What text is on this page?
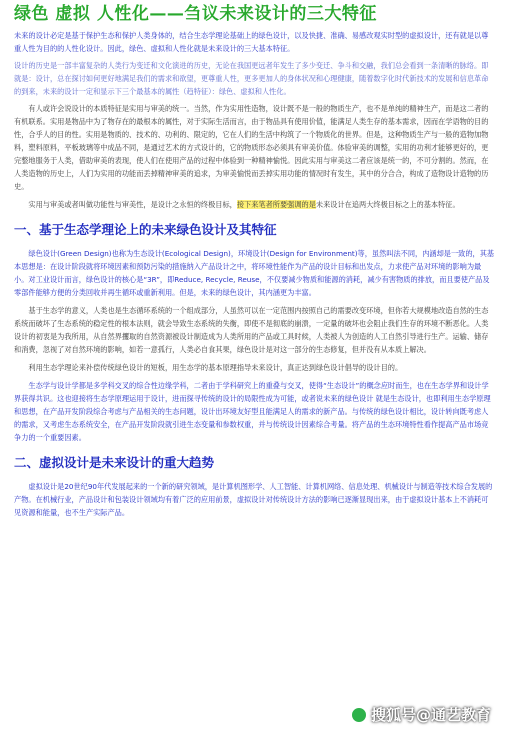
绿色 虚拟 人性化——刍议未来设计的三大特征

未来的设计必定是基于保护生态和保护人类身体的，结合生态学理论基础上的绿色设计，以及快捷、准确、易感改观实时型的虚拟设计，还有就是以尊重人性为目的的人性化设计。因此，绿色、虚拟和人性化就是未来设计的三大基本特征。

设计的历史是一部丰富复杂的人类行为变迁和文化演进的历史，无论在我国更远者年发生了多少变迁、争斗和交融，我们总会看到一条清晰的脉络。即就是：设计，总在探讨如何更好地满足我们的需求和欲望，更尊重人性，更多更加人的身体状况和心理健康，随着数字化时代新技术的发展和信息革命的到来，未来的设计一定和显示下三个最基本的属性（趋特征）：绿色、虚拟和人性化。

有人或许会说设计的本质特征是实用与审美的统一。当然，作为实用性造物，设计既不是一般的物质生产，也不是单纯的精神生产，而是这二者的有机联系。实用是物品中为了物存在的最根本的属性，对于实际生活而言，由于物品具有使用价值，能满足人类生存的基本需求，因而在学语物的目的性，合乎人的目的性。实用是物质的、技术的、功利的、限定的，它在人们的生活中构筑了一个物质化的世界。但是，这种物质生产与一般的造物加物料，塑料原料，平板玻璃等中成品不同，是通过艺术的方式设计的，它的物质形态必须具有审美价值。体验审美的调整，实用的功利才能够更好的，更完整地服务于人类，借助审美的表现，使人们在使用产品的过程中体验到一种精神愉悦。因此实用与审美这二者应该是统一的，不可分割的。然而，在人类造物的历史上，人们为实用的功能而丢掉精神审美的追求，为审美愉悦而丢掉实用功能的情况时有发生，其中的分合合，构成了造物设计造物的历史。

实用与审美或者叫做功能性与审美性，是设计之永恒的终极目标，接下来笔者所要强调的是未来设计在追两大终极目标之上的基本特征。

一、基于生态学理论上的未来绿色设计及其特征

绿色设计(Green Design)也称为生态设计(Ecological Design)，环境设计(Design for Environment)等，虽然叫法不同，内涵却是一致的，其基本思想是：在设计阶段就将环境因素和预防污染的措施纳入产品设计之中，将环境性能作为产品的设计目标和出发点，力求使产品对环境的影响为最小。对工业设计而言，绿色设计的核心是“3R”，即Reduce, Recycle, Reuse，不仅要减少物质和能源的消耗，减少有害物质的排放，而且要使产品及零部件能够方便的分类回收并再生循环或重新利用。但是，未来的绿色设计，其内涵更为丰富。

基于生态学的意义，人类也是生态循环系统的一个组成部分，人虽然可以在一定范围内按照自己的需要改变环境，但你若大规模地改造自然的生态系统而破坏了生态系统的稳定性的根本法则，就会导致生态系统的失衡，即使不是彻底的崩溃，一定量的破坏也会阻止我们生存的环境不断恶化。人类设计的初衷是为我所用，从自然界攫取的自然资源被设计制造成为人类所用的产品或工具时候，人类被人为创造的人工自然引导进行生产。运输、储存和消费，忽视了对自然环境的影响，如若一意孤行，人类必自食其果，绿色设计是对这一部分的生态修复，但并没有从本质上解决。

利用生态学理论来补偿传统绿色设计的短板，用生态学的基本原理指导未来设计，真正达到绿色设计倡导的设计目的。

生态学与设计学都是多学科交叉的综合性边缘学科，二者由于学科研究上的重叠与交叉，使得“生态设计”的概念应时而生，也在生态学界和设计学界获得共识。这也迎接将生态学原理运用于设计，进而探寻传统的设计的局限性成为可能，或者说未来的绿色设计 就是生态设计，也即利用生态学原理和思想，在产品开发阶段综合考虑与产品相关的生态问题，设计出环境友好型且能满足人的需求的新产品。与传统的绿色设计相比，设计转向既考虑人的需求，又考虑生态系统安全，在产品开发阶段就引进生态变量和参数权重，并与传统设计因素综合考量。将产品的生态环境特性看作提高产品市场竞争力的一个重要因素。

二、虚拟设计是未来设计的重大趋势

虚拟设计是20世纪90年代发展起来的一个新的研究领域，是计算机图形学、人工智能、计算机网络、信息处理、机械设计与制造等技术综合发展的产物。在机械行业，产品设计和包装设计领域均有着广泛的应用前景，虚拟设计对传统设计方法的影响已逐渐显现出来，由于虚拟设计基本上不消耗可见资源和能量，也不生产实际产品。

搜狐号@通艺教育
